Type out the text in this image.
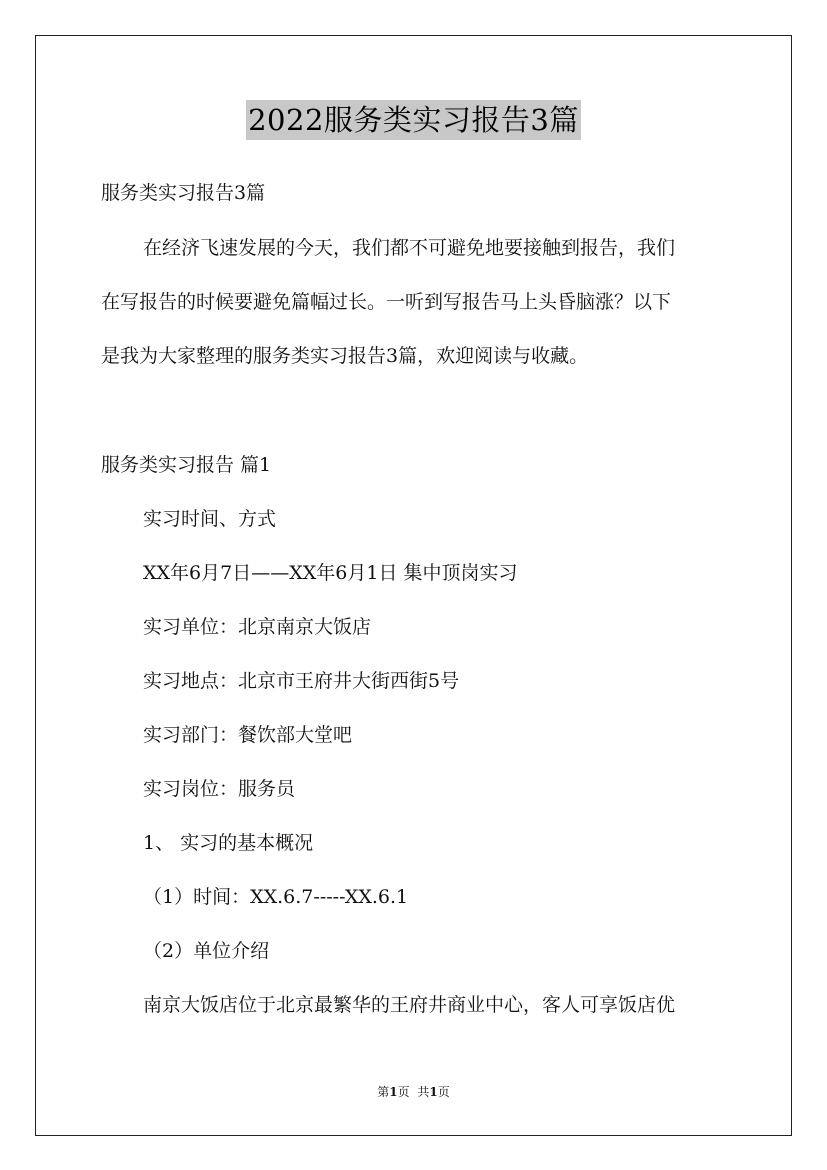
2022服务类实习报告3篇
服务类实习报告3篇
在经济飞速发展的今天，我们都不可避免地要接触到报告，我们
在写报告的时候要避免篇幅过长。一听到写报告马上头昏脑涨？以下
是我为大家整理的服务类实习报告3篇，欢迎阅读与收藏。
服务类实习报告 篇1
实习时间、方式
XX年6月7日——XX年6月1日 集中顶岗实习
实习单位：北京南京大饭店
实习地点：北京市王府井大街西街5号
实习部门：餐饮部大堂吧
实习岗位：服务员
1、 实习的基本概况
（1）时间：XX.6.7-----XX.6.1
（2）单位介绍
南京大饭店位于北京最繁华的王府井商业中心，客人可享饭店优
第1页 共1页
